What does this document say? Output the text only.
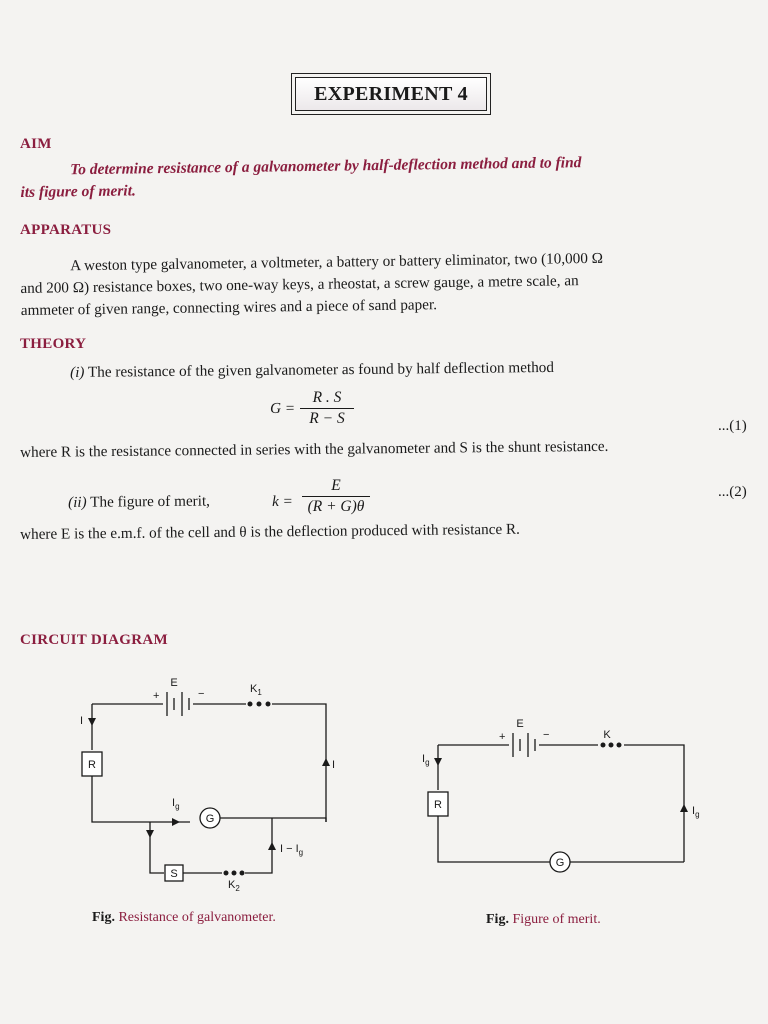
EXPERIMENT 4
AIM
To determine resistance of a galvanometer by half-deflection method and to find
its figure of merit.
APPARATUS
A weston type galvanometer, a voltmeter, a battery or battery eliminator, two (10,000 Ω
and 200 Ω) resistance boxes, two one-way keys, a rheostat, a screw gauge, a metre scale, an
ammeter of given range, connecting wires and a piece of sand paper.
THEORY
(i) The resistance of the given galvanometer as found by half deflection method
G =
R . S
R − S	...(1)
where R is the resistance connected in series with the galvanometer and S is the shunt resistance.
(ii) The figure of merit,	k =
E
(R + G)θ
...(2)
where E is the e.m.f. of the cell and θ is the deflection produced with resistance R.
CIRCUIT DIAGRAM
E
+	−	$K_1$
I
R	I
$I_g$
G
$I - I_g$
S
$K_2$
E
+	−	K
$I_g$
R	$I_g$
G
Fig. Resistance of galvanometer.	Fig. Figure of merit.
